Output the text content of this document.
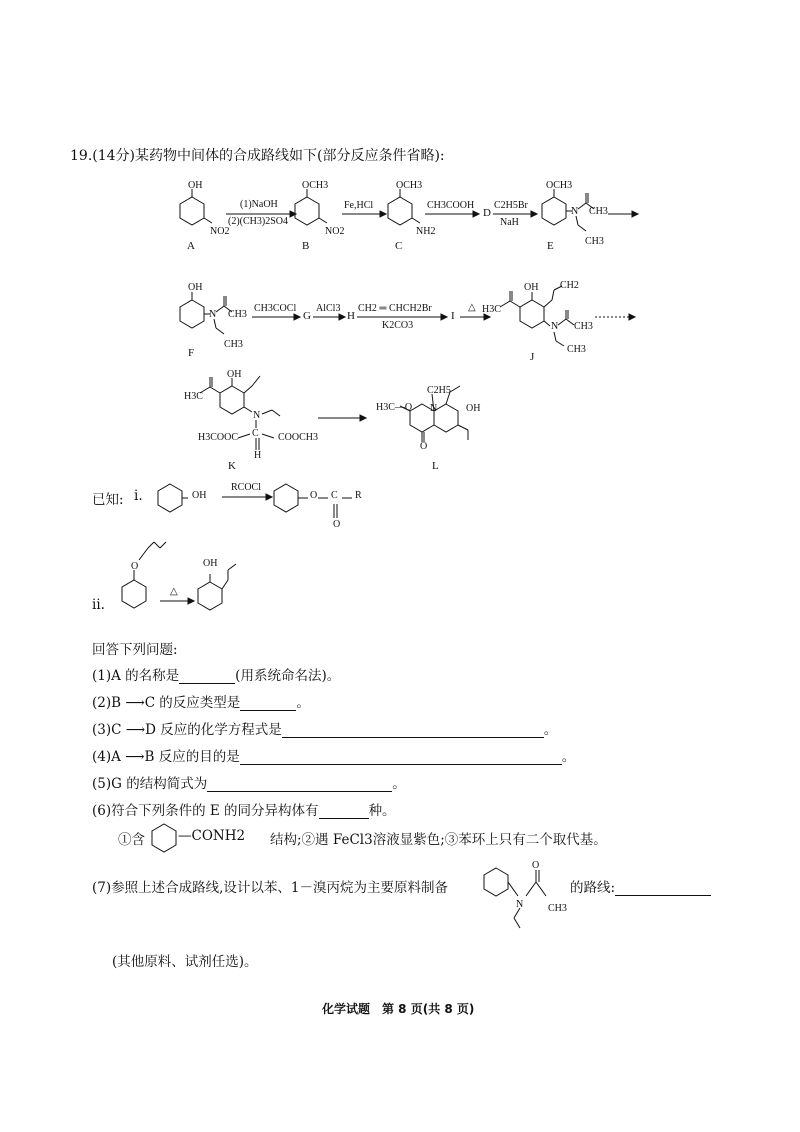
19.(14分)某药物中间体的合成路线如下(部分反应条件省略):
OH
NO2
A
(1)NaOH
(2)(CH3)2SO4
OCH3
NO2
B
Fe,HCl
OCH3
NH2
C
CH3COOH
D
C2H5Br
NaH
OCH3
N CH3
CH3
E
OH
N CH3
CH3
F
CH3COCl
G
AlCl3
H
CH2 ═ CHCH2Br
K2CO3
I
△ H3C
OH CH2
N CH3
CH3
J
H3C
OH
N
C
H3COOC	COOCH3
H
K
H3C—O
C2H5
N	OH
O
L
已知: ⅰ.	OH
RCOCl
O C R
O
ⅱ.
O
△
OH
回答下列问题:
(1)A 的名称是	(用系统命名法)。
(2)B ⟶C 的反应类型是	。
(3)C ⟶D 反应的化学方程式是	。
(4)A ⟶B 反应的目的是	。
(5)G 的结构简式为	。
(6)符合下列条件的 E 的同分异构体有	种。
①含 —CONH2 结构;②遇 FeCl3溶液显紫色;③苯环上只有二个取代基。
(7)参照上述合成路线,设计以苯、1－溴丙烷为主要原料制备
O
N CH3
的路线:
(其他原料、试剂任选)。
化学试题　第 8 页(共 8 页)
